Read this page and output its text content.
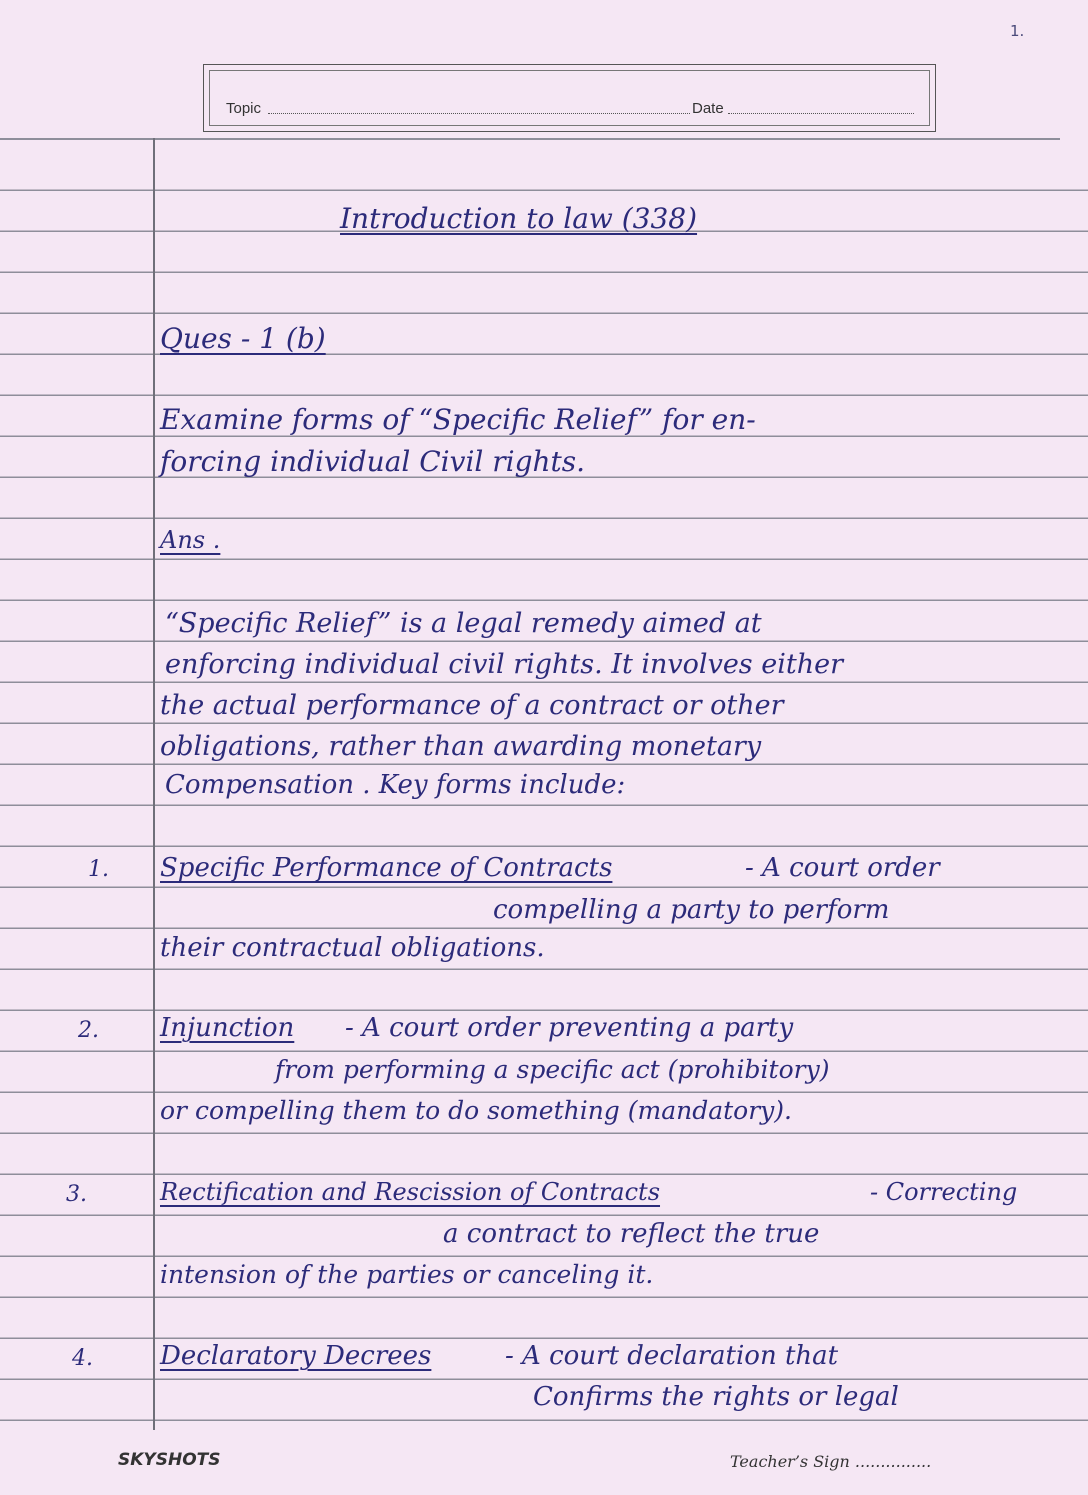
1.
Topic	Date
Introduction to law (338)
Ques - 1 (b)
Examine forms of “Specific Relief” for en-
forcing individual Civil rights.
Ans .
“Specific Relief” is a legal remedy aimed at
enforcing individual civil rights. It involves either
the actual performance of a contract or other
obligations, rather than awarding monetary
Compensation . Key forms include:
1. Specific Performance of Contracts	- A court order
compelling a party to perform
their contractual obligations.
2. Injunction - A court order preventing a party
from performing a specific act (prohibitory)
or compelling them to do something (mandatory).
3.	Rectification and Rescission of Contracts	- Correcting
a contract to reflect the true
intension of the parties or canceling it.
4.	Declaratory Decrees	- A court declaration that
Confirms the rights or legal
SKYSHOTS	Teacher’s Sign ...............
